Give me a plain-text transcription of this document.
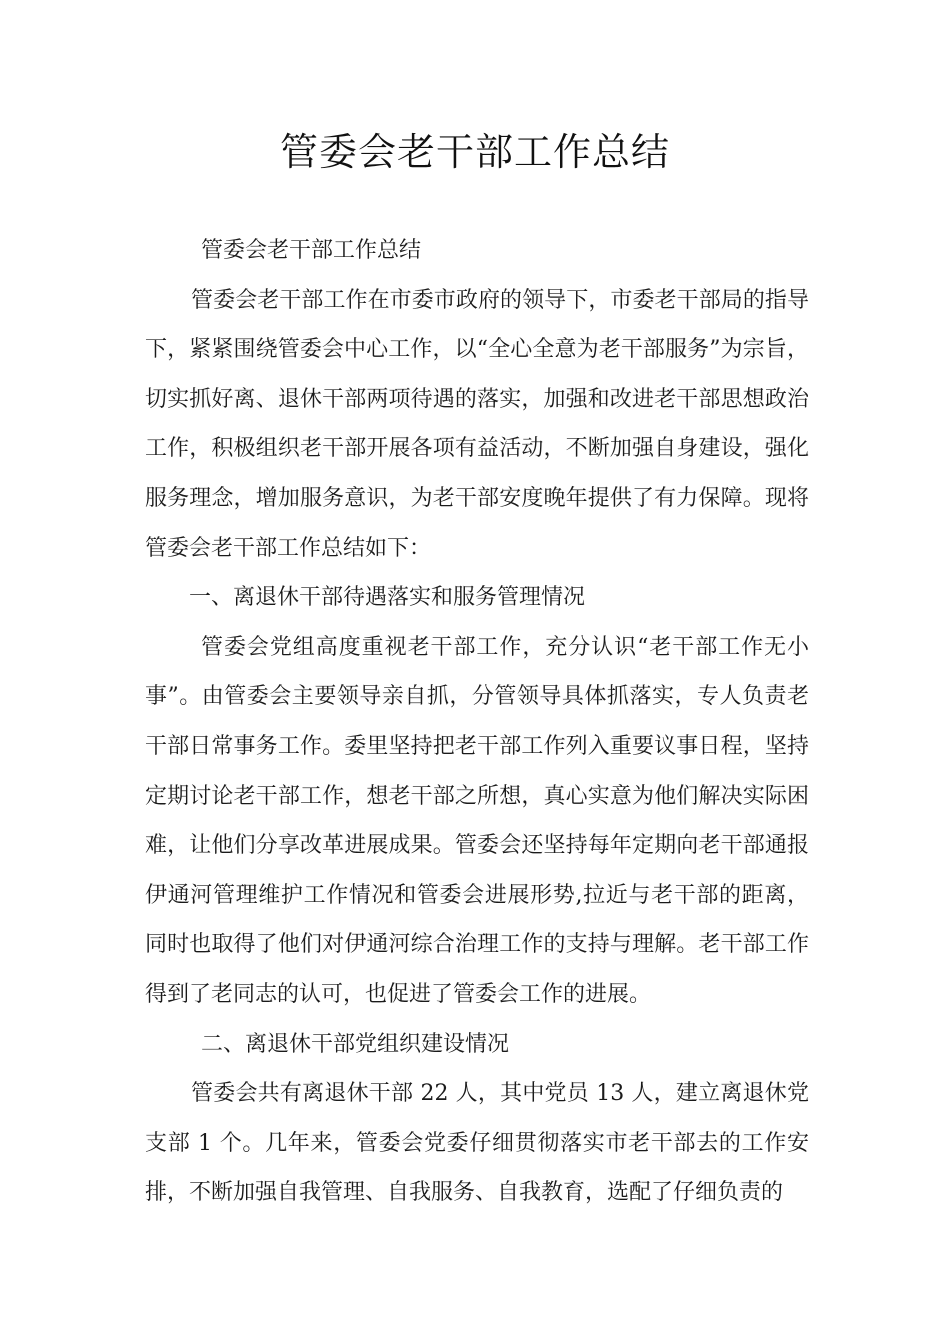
管委会老干部工作总结

管委会老干部工作总结

管委会老干部工作在市委市政府的领导下，市委老干部局的指导下，紧紧围绕管委会中心工作，以“全心全意为老干部服务”为宗旨，切实抓好离、退休干部两项待遇的落实，加强和改进老干部思想政治工作，积极组织老干部开展各项有益活动，不断加强自身建设，强化服务理念，增加服务意识，为老干部安度晚年提供了有力保障。现将管委会老干部工作总结如下：

一、离退休干部待遇落实和服务管理情况

管委会党组高度重视老干部工作，充分认识“老干部工作无小事”。由管委会主要领导亲自抓，分管领导具体抓落实，专人负责老干部日常事务工作。委里坚持把老干部工作列入重要议事日程，坚持定期讨论老干部工作，想老干部之所想，真心实意为他们解决实际困难，让他们分享改革进展成果。管委会还坚持每年定期向老干部通报伊通河管理维护工作情况和管委会进展形势,拉近与老干部的距离，同时也取得了他们对伊通河综合治理工作的支持与理解。老干部工作得到了老同志的认可，也促进了管委会工作的进展。

二、离退休干部党组织建设情况

管委会共有离退休干部 22 人，其中党员 13 人，建立离退休党支部 1 个。几年来，管委会党委仔细贯彻落实市老干部去的工作安排，不断加强自我管理、自我服务、自我教育，选配了仔细负责的
